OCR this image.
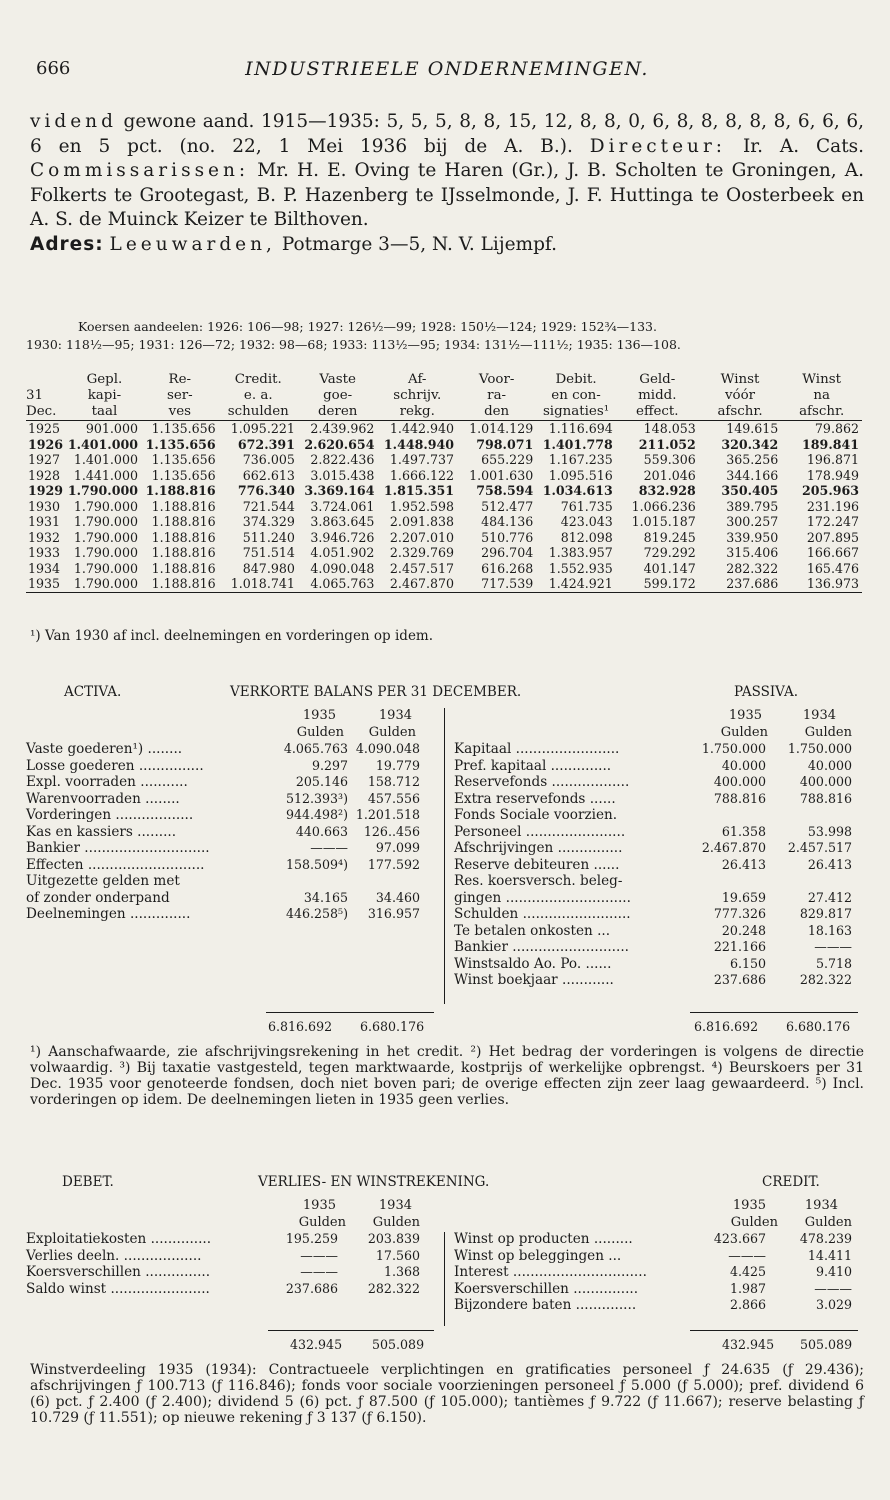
666	INDUSTRIEELE ONDERNEMINGEN.
vidend gewone aand. 1915—1935: 5, 5, 5, 8, 8, 15, 12, 8, 8, 0, 6, 8, 8, 8, 8, 8, 6, 6, 6, 6 en 5 pct. (no. 22, 1 Mei 1936 bij de A. B.). Directeur: Ir. A. Cats. Commissarissen: Mr. H. E. Oving te Haren (Gr.), J. B. Scholten te Groningen, A. Folkerts te Grootegast, B. P. Hazenberg te IJsselmonde, J. F. Huttinga te Oosterbeek en A. S. de Muinck Keizer te Bilthoven.
Adres: Leeuwarden, Potmarge 3—5, N. V. Lijempf.
Koersen aandeelen: 1926: 106—98; 1927: 126½—99; 1928: 150½—124; 1929: 152¾—133.
1930: 118½—95; 1931: 126—72; 1932: 98—68; 1933: 113½—95; 1934: 131½—111½; 1935: 136—108.
	Gepl.	Re-	Credit.	Vaste	Af-	Voor-	Debit.	Geld-	Winst	Winst
31	kapi-	ser-	e. a.	goe-	schrijv.	ra-	en con-	midd.	vóór	na
Dec.	taal	ves	schulden	deren	rekg.	den	signaties¹	effect.	afschr.	afschr.
1925	901.000	1.135.656	1.095.221	2.439.962	1.442.940	1.014.129	1.116.694	148.053	149.615	79.862
1926	1.401.000	1.135.656	672.391	2.620.654	1.448.940	798.071	1.401.778	211.052	320.342	189.841
1927	1.401.000	1.135.656	736.005	2.822.436	1.497.737	655.229	1.167.235	559.306	365.256	196.871
1928	1.441.000	1.135.656	662.613	3.015.438	1.666.122	1.001.630	1.095.516	201.046	344.166	178.949
1929	1.790.000	1.188.816	776.340	3.369.164	1.815.351	758.594	1.034.613	832.928	350.405	205.963
1930	1.790.000	1.188.816	721.544	3.724.061	1.952.598	512.477	761.735	1.066.236	389.795	231.196
1931	1.790.000	1.188.816	374.329	3.863.645	2.091.838	484.136	423.043	1.015.187	300.257	172.247
1932	1.790.000	1.188.816	511.240	3.946.726	2.207.010	510.776	812.098	819.245	339.950	207.895
1933	1.790.000	1.188.816	751.514	4.051.902	2.329.769	296.704	1.383.957	729.292	315.406	166.667
1934	1.790.000	1.188.816	847.980	4.090.048	2.457.517	616.268	1.552.935	401.147	282.322	165.476
1935	1.790.000	1.188.816	1.018.741	4.065.763	2.467.870	717.539	1.424.921	599.172	237.686	136.973
¹) Van 1930 af incl. deelnemingen en vorderingen op idem.
ACTIVA.	VERKORTE BALANS PER 31 DECEMBER.	PASSIVA.
1935	1934
Gulden Gulden
Vaste goederen¹) ........	4.065.763 4.090.048
Losse goederen ...............	9.297 19.779
Expl. voorraden ...........	205.146 158.712
Warenvoorraden ........	512.393³) 457.556
Vorderingen ..................	944.498²) 1.201.518
Kas en kassiers .........	440.663 126..456
Bankier .............................	——— 97.099
Effecten ...........................	158.509⁴) 177.592
Uitgezette gelden met
of zonder onderpand	34.165 34.460
Deelnemingen ..............	446.258⁵) 316.957
1935	1934
Gulden	Gulden
Kapitaal ........................	1.750.000 1.750.000
Pref. kapitaal ..............	40.000	40.000
Reservefonds ..................	400.000	400.000
Extra reservefonds ......	788.816	788.816
Fonds Sociale voorzien.
Personeel .......................	61.358	53.998
Afschrijvingen ...............	2.467.870 2.457.517
Reserve debiteuren ......	26.413	26.413
Res. koersversch. beleg-
gingen .............................	19.659	27.412
Schulden .........................	777.326	829.817
Te betalen onkosten ...	20.248	18.163
Bankier ...........................	221.166	———
Winstsaldo Ao. Po. ......	6.150	5.718
Winst boekjaar ............	237.686	282.322
6.816.692 6.680.176	6.816.692 6.680.176
¹) Aanschafwaarde, zie afschrijvingsrekening in het credit. ²) Het bedrag der vorderingen is volgens de directie volwaardig. ³) Bij taxatie vastgesteld, tegen marktwaarde, kostprijs of werkelijke opbrengst. ⁴) Beurskoers per 31 Dec. 1935 voor genoteerde fondsen, doch niet boven pari; de overige effecten zijn zeer laag gewaardeerd. ⁵) Incl. vorderingen op idem. De deelnemingen lieten in 1935 geen verlies.
DEBET.	VERLIES- EN WINSTREKENING.	CREDIT.
1935	1934
Gulden Gulden
Exploitatiekosten ..............	195.259 203.839
Verlies deeln. ..................	———	17.560
Koersverschillen ...............	———	1.368
Saldo winst .......................	237.686 282.322
1935	1934
Gulden Gulden
Winst op producten .........	423.667	478.239
Winst op beleggingen ...	———	14.411
Interest ...............................	4.425	9.410
Koersverschillen ...............	1.987	———
Bijzondere baten ..............	2.866	3.029
432.945 505.089	432.945 505.089
Winstverdeeling 1935 (1934): Contractueele verplichtingen en gratificaties personeel ƒ 24.635 (ƒ 29.436); afschrijvingen ƒ 100.713 (ƒ 116.846); fonds voor sociale voorzieningen personeel ƒ 5.000 (ƒ 5.000); pref. dividend 6 (6) pct. ƒ 2.400 (ƒ 2.400); dividend 5 (6) pct. ƒ 87.500 (ƒ 105.000); tantièmes ƒ 9.722 (ƒ 11.667); reserve belasting ƒ 10.729 (ƒ 11.551); op nieuwe rekening ƒ 3 137 (ƒ 6.150).
